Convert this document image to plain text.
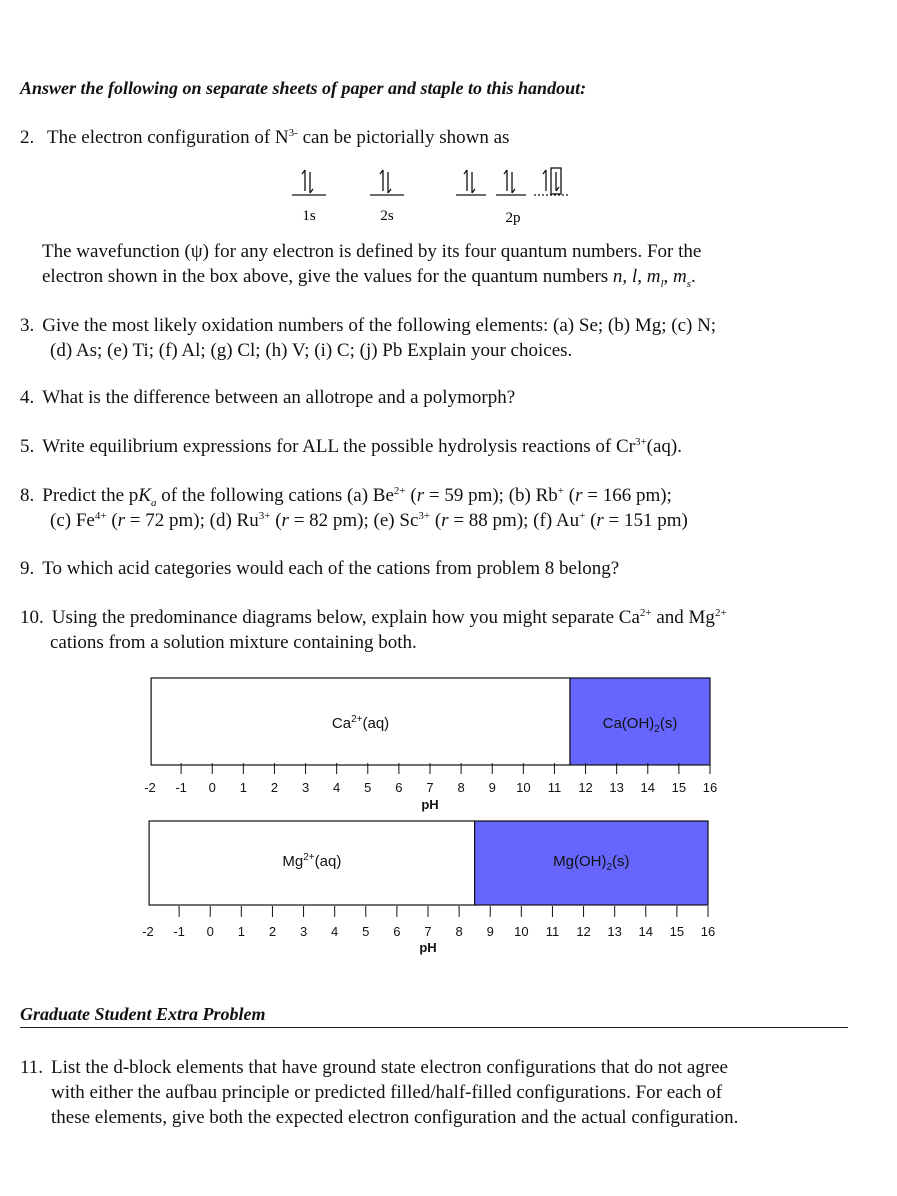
Answer the following on separate sheets of paper and staple to this handout:
2. The electron configuration of $N^{3-}$ can be pictorially shown as
1s	2s	2p
The wavefunction (ψ) for any electron is defined by its four quantum numbers. For the
electron shown in the box above, give the values for the quantum numbers n, l, $m_l$, $m_s$.
3. Give the most likely oxidation numbers of the following elements: (a) Se; (b) Mg; (c) N;
(d) As; (e) Ti; (f) Al; (g) Cl; (h) V; (i) C; (j) Pb Explain your choices.
4. What is the difference between an allotrope and a polymorph?
5. Write equilibrium expressions for ALL the possible hydrolysis reactions of $Cr^{3+}(aq)$.
8. Predict the $pK_a$ of the following cations (a) $Be^{2+}$ (r = 59 pm); (b) Rb+ (r = 166 pm);
(c) $Fe^{4+}$ (r = 72 pm); (d) $Ru^{3+}$ (r = 82 pm); (e) $Sc^{3+}$ (r = 88 pm); (f) Au+ (r = 151 pm)
9. To which acid categories would each of the cations from problem 8 belong?
10. Using the predominance diagrams below, explain how you might separate $Ca^{2+}$ and $Mg^{2+}$
cations from a solution mixture containing both.
$Ca^{2+}(aq)$	$Ca(OH)_2(s)$
-2 -1 0 1 2 3 4 5 6 7 8 9 10 11 12 13 14 15 16
pH
$Mg^{2+}(aq)$	$Mg(OH)_2(s)$
-2 -1 0 1 2 3 4 5 6 7 8 9 10 11 12 13 14 15 16
pH
Graduate Student Extra Problem
11. List the d-block elements that have ground state electron configurations that do not agree
with either the aufbau principle or predicted filled/half-filled configurations. For each of
these elements, give both the expected electron configuration and the actual configuration.
